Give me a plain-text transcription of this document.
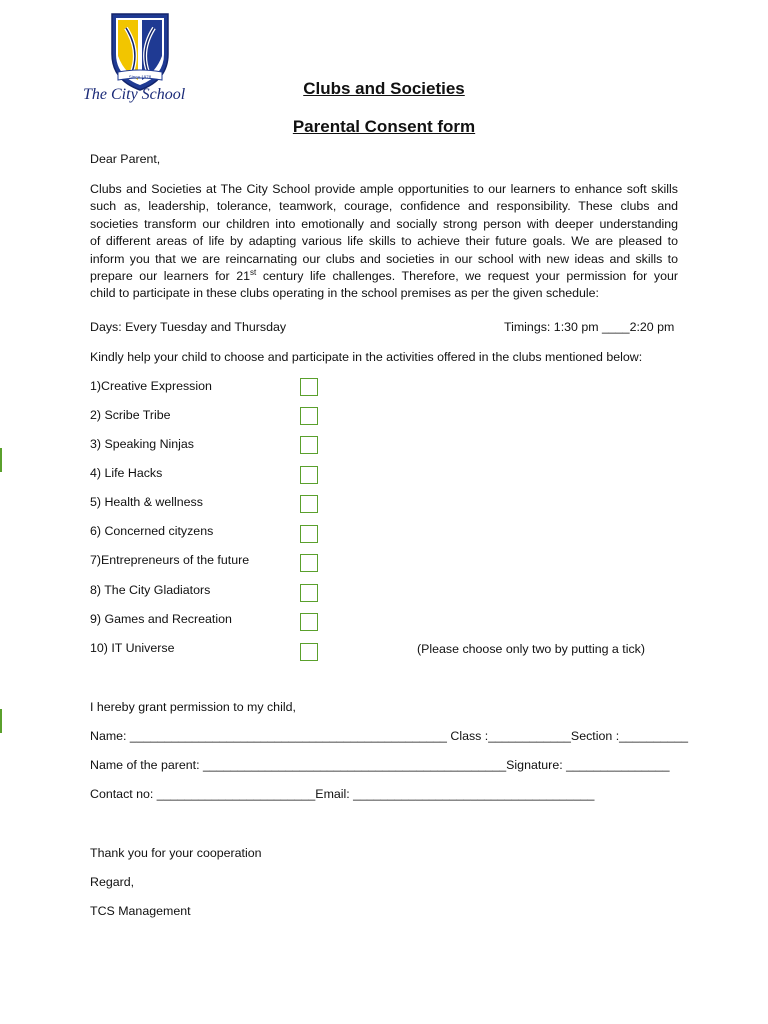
Since 1978
The City School	Clubs and Societies
Parental Consent form
Dear Parent,
Clubs and Societies at The City School provide ample opportunities to our learners to enhance soft skills
such as, leadership, tolerance, teamwork, courage, confidence and responsibility. These clubs and
societies transform our children into emotionally and socially strong person with deeper understanding
of different areas of life by adapting various life skills to achieve their future goals. We are pleased to
inform you that we are reincarnating our clubs and societies in our school with new ideas and skills to
prepare our learners for 21st century life challenges. Therefore, we request your permission for your
child to participate in these clubs operating in the school premises as per the given schedule:
Days: Every Tuesday and Thursday	Timings: 1:30 pm ____2:20 pm
Kindly help your child to choose and participate in the activities offered in the clubs mentioned below:
1)Creative Expression
2) Scribe Tribe
3) Speaking Ninjas
4) Life Hacks
5) Health & wellness
6) Concerned cityzens
7)Entrepreneurs of the future
8) The City Gladiators
9) Games and Recreation
10) IT Universe	(Please choose only two by putting a tick)
I hereby grant permission to my child,
Name: ______________________________________________ Class :____________Section :__________
Name of the parent: ____________________________________________Signature: _______________
Contact no: _______________________Email: ___________________________________
Thank you for your cooperation
Regard,
TCS Management
